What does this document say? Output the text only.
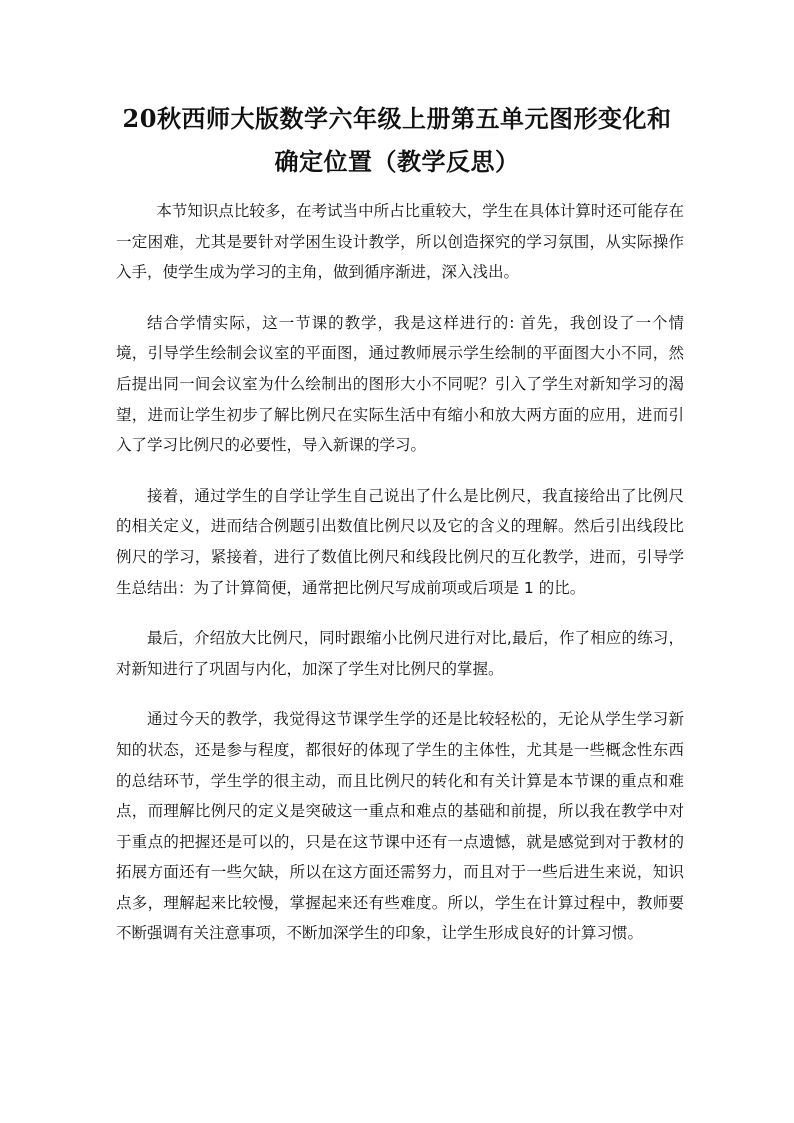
20秋西师大版数学六年级上册第五单元图形变化和
确定位置（教学反思）

本节知识点比较多，在考试当中所占比重较大，学生在具体计算时还可能存在一定困难，尤其是要针对学困生设计教学，所以创造探究的学习氛围，从实际操作入手，使学生成为学习的主角，做到循序渐进，深入浅出。

结合学情实际，这一节课的教学，我是这样进行的: 首先，我创设了一个情境，引导学生绘制会议室的平面图，通过教师展示学生绘制的平面图大小不同，然后提出同一间会议室为什么绘制出的图形大小不同呢？引入了学生对新知学习的渴望，进而让学生初步了解比例尺在实际生活中有缩小和放大两方面的应用，进而引入了学习比例尺的必要性，导入新课的学习。

接着，通过学生的自学让学生自己说出了什么是比例尺，我直接给出了比例尺的相关定义，进而结合例题引出数值比例尺以及它的含义的理解。然后引出线段比例尺的学习，紧接着，进行了数值比例尺和线段比例尺的互化教学，进而，引导学生总结出：为了计算简便，通常把比例尺写成前项或后项是 1 的比。

最后，介绍放大比例尺，同时跟缩小比例尺进行对比,最后，作了相应的练习，对新知进行了巩固与内化，加深了学生对比例尺的掌握。

通过今天的教学，我觉得这节课学生学的还是比较轻松的，无论从学生学习新知的状态，还是参与程度，都很好的体现了学生的主体性，尤其是一些概念性东西的总结环节，学生学的很主动，而且比例尺的转化和有关计算是本节课的重点和难点，而理解比例尺的定义是突破这一重点和难点的基础和前提，所以我在教学中对于重点的把握还是可以的，只是在这节课中还有一点遗憾，就是感觉到对于教材的拓展方面还有一些欠缺，所以在这方面还需努力，而且对于一些后进生来说，知识点多，理解起来比较慢，掌握起来还有些难度。所以，学生在计算过程中，教师要不断强调有关注意事项，不断加深学生的印象，让学生形成良好的计算习惯。
